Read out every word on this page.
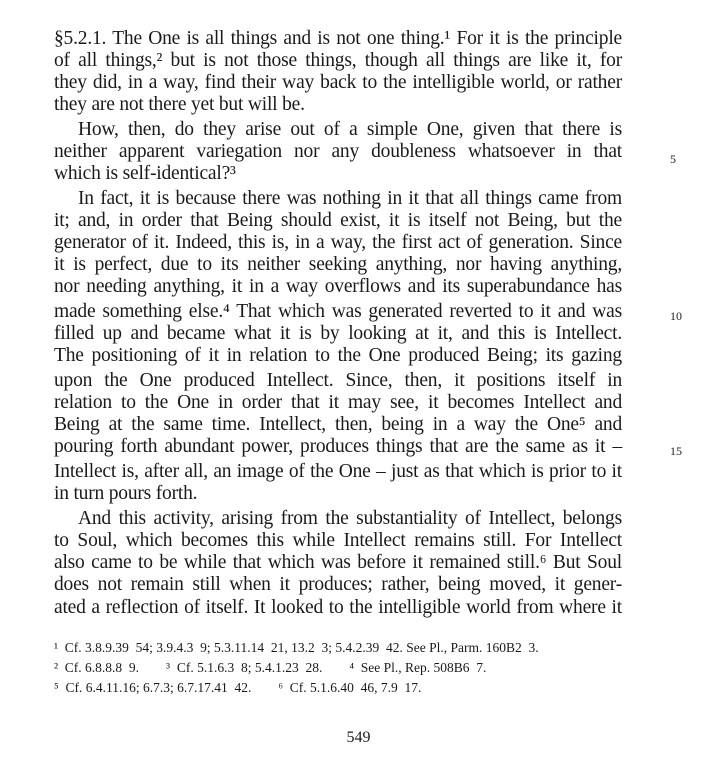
§5.2.1. The One is all things and is not one thing.¹ For it is the principle
of all things,² but is not those things, though all things are like it, for
they did, in a way, find their way back to the intelligible world, or rather
they are not there yet but will be.
How, then, do they arise out of a simple One, given that there is
neither apparent variegation nor any doubleness whatsoever in that
which is self-identical?³
In fact, it is because there was nothing in it that all things came from
it; and, in order that Being should exist, it is itself not Being, but the
generator of it. Indeed, this is, in a way, the first act of generation. Since
it is perfect, due to its neither seeking anything, nor having anything,
nor needing anything, it in a way overflows and its superabundance has
made something else.⁴ That which was generated reverted to it and was
filled up and became what it is by looking at it, and this is Intellect.
The positioning of it in relation to the One produced Being; its gazing
upon the One produced Intellect. Since, then, it positions itself in
relation to the One in order that it may see, it becomes Intellect and
Being at the same time. Intellect, then, being in a way the One⁵ and
pouring forth abundant power, produces things that are the same as it –
Intellect is, after all, an image of the One – just as that which is prior to it
in turn pours forth.
And this activity, arising from the substantiality of Intellect, belongs
to Soul, which becomes this while Intellect remains still. For Intellect
also came to be while that which was before it remained still.⁶ But Soul
does not remain still when it produces; rather, being moved, it gener-
ated a reflection of itself. It looked to the intelligible world from where it
5
10
15
¹  Cf. 3.8.9.39  54; 3.9.4.3  9; 5.3.11.14  21, 13.2  3; 5.4.2.39  42. See Pl., Parm. 160B2  3.
²  Cf. 6.8.8.8  9.        ³  Cf. 5.1.6.3  8; 5.4.1.23  28.        ⁴  See Pl., Rep. 508B6  7.
⁵  Cf. 6.4.11.16; 6.7.3; 6.7.17.41  42.        ⁶  Cf. 5.1.6.40  46, 7.9  17.
549
